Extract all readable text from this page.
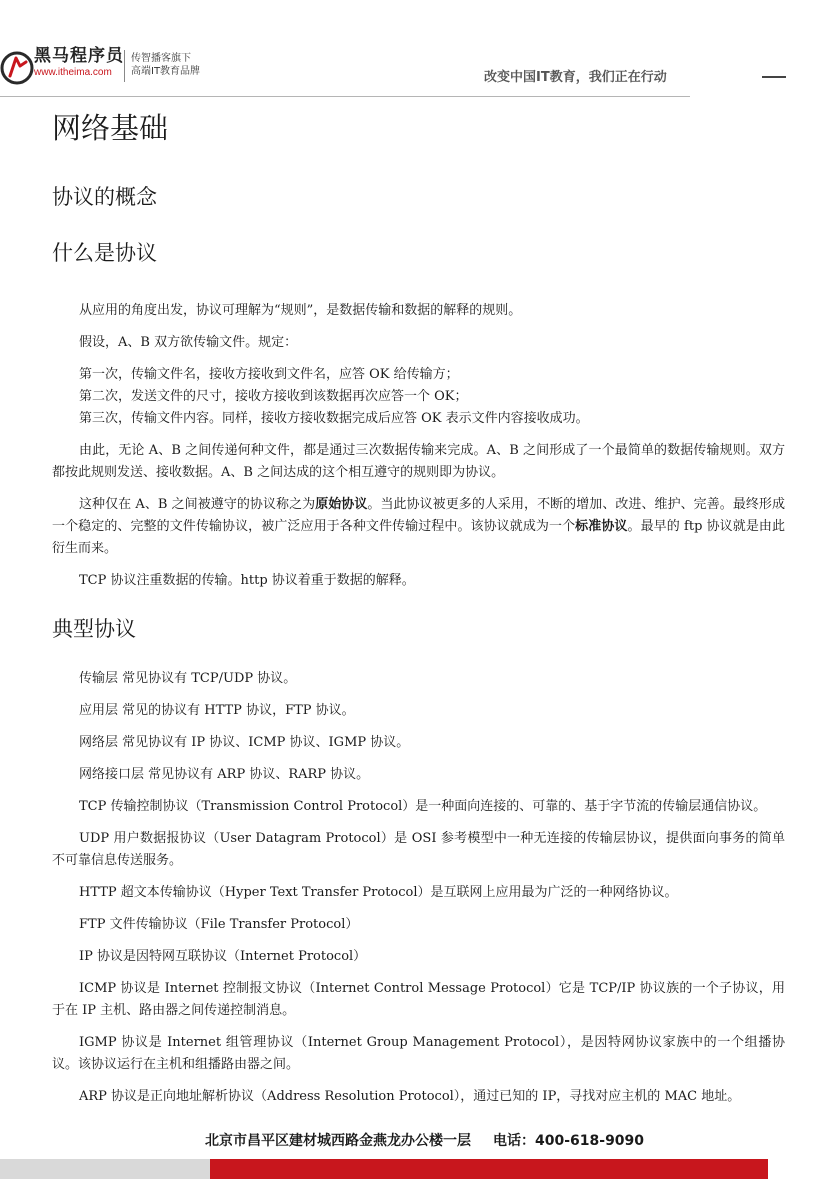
黑马程序员
www.itheima.com
传智播客旗下
高端IT教育品牌	改变中国IT教育，我们正在行动
网络基础
协议的概念
什么是协议

从应用的角度出发，协议可理解为“规则”，是数据传输和数据的解释的规则。

假设，A、B 双方欲传输文件。规定：

第一次，传输文件名，接收方接收到文件名，应答 OK 给传输方；

第二次，发送文件的尺寸，接收方接收到该数据再次应答一个 OK；

第三次，传输文件内容。同样，接收方接收数据完成后应答 OK 表示文件内容接收成功。

由此，无论 A、B 之间传递何种文件，都是通过三次数据传输来完成。A、B 之间形成了一个最简单的数据传输规则。双方都按此规则发送、接收数据。A、B 之间达成的这个相互遵守的规则即为协议。

这种仅在 A、B 之间被遵守的协议称之为原始协议。当此协议被更多的人采用，不断的增加、改进、维护、完善。最终形成一个稳定的、完整的文件传输协议，被广泛应用于各种文件传输过程中。该协议就成为一个标准协议。最早的 ftp 协议就是由此衍生而来。

TCP 协议注重数据的传输。http 协议着重于数据的解释。

典型协议

传输层 常见协议有 TCP/UDP 协议。

应用层 常见的协议有 HTTP 协议，FTP 协议。

网络层 常见协议有 IP 协议、ICMP 协议、IGMP 协议。

网络接口层 常见协议有 ARP 协议、RARP 协议。

TCP 传输控制协议（Transmission Control Protocol）是一种面向连接的、可靠的、基于字节流的传输层通信协议。

UDP 用户数据报协议（User Datagram Protocol）是 OSI 参考模型中一种无连接的传输层协议，提供面向事务的简单不可靠信息传送服务。

HTTP 超文本传输协议（Hyper Text Transfer Protocol）是互联网上应用最为广泛的一种网络协议。

FTP 文件传输协议（File Transfer Protocol）

IP 协议是因特网互联协议（Internet Protocol）

ICMP 协议是 Internet 控制报文协议（Internet Control Message Protocol）它是 TCP/IP 协议族的一个子协议，用于在 IP 主机、路由器之间传递控制消息。

IGMP 协议是 Internet 组管理协议（Internet Group Management Protocol），是因特网协议家族中的一个组播协议。该协议运行在主机和组播路由器之间。

ARP 协议是正向地址解析协议（Address Resolution Protocol），通过已知的 IP，寻找对应主机的 MAC 地址。

北京市昌平区建材城西路金燕龙办公楼一层 电话：400-618-9090
